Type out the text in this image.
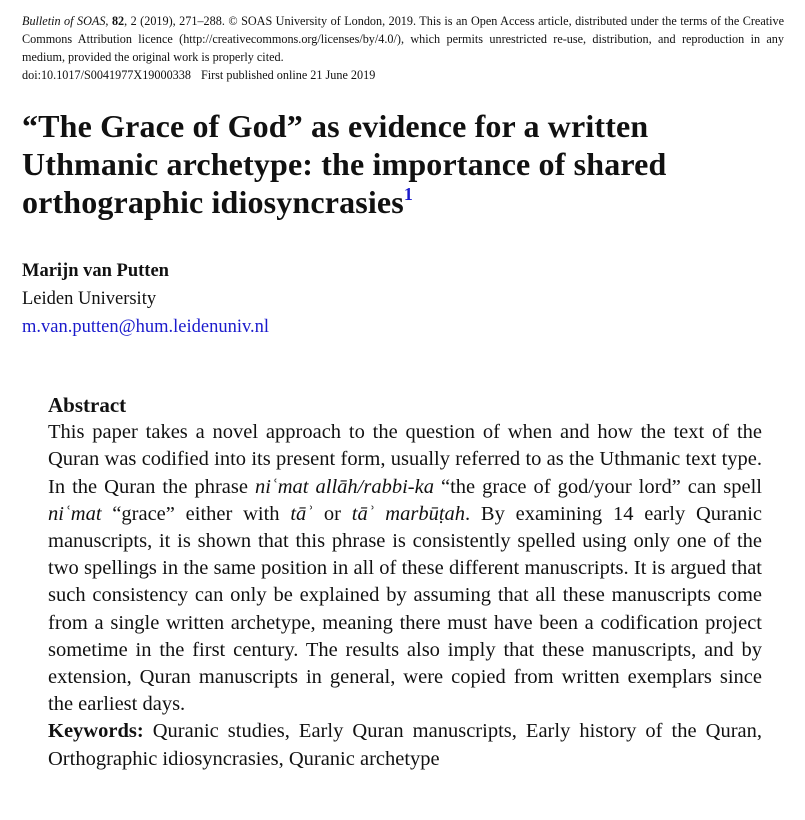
Bulletin of SOAS, 82, 2 (2019), 271–288. © SOAS University of London, 2019. This is an Open Access article, distributed under the terms of the Creative Commons Attribution licence (http://creativecommons.org/licenses/by/4.0/), which permits unrestricted re-use, distribution, and reproduction in any medium, provided the original work is properly cited.
doi:10.1017/S0041977X19000338 First published online 21 June 2019
“The Grace of God” as evidence for a written Uthmanic archetype: the importance of shared orthographic idiosyncrasies$^1$
Marijn van Putten
Leiden University
m.van.putten@hum.leidenuniv.nl
Abstract
This paper takes a novel approach to the question of when and how the text of the Quran was codified into its present form, usually referred to as the Uthmanic text type. In the Quran the phrase niʿmat allāh/rabbi-ka “the grace of god/your lord” can spell niʿmat “grace” either with tāʾ or tāʾ marbūṭah. By examining 14 early Quranic manuscripts, it is shown that this phrase is consistently spelled using only one of the two spellings in the same position in all of these different manuscripts. It is argued that such consistency can only be explained by assuming that all these manuscripts come from a single written archetype, meaning there must have been a codification project sometime in the first century. The results also imply that these manuscripts, and by extension, Quran manuscripts in general, were copied from written exemplars since the earliest days.
Keywords: Quranic studies, Early Quran manuscripts, Early history of the Quran, Orthographic idiosyncrasies, Quranic archetype
